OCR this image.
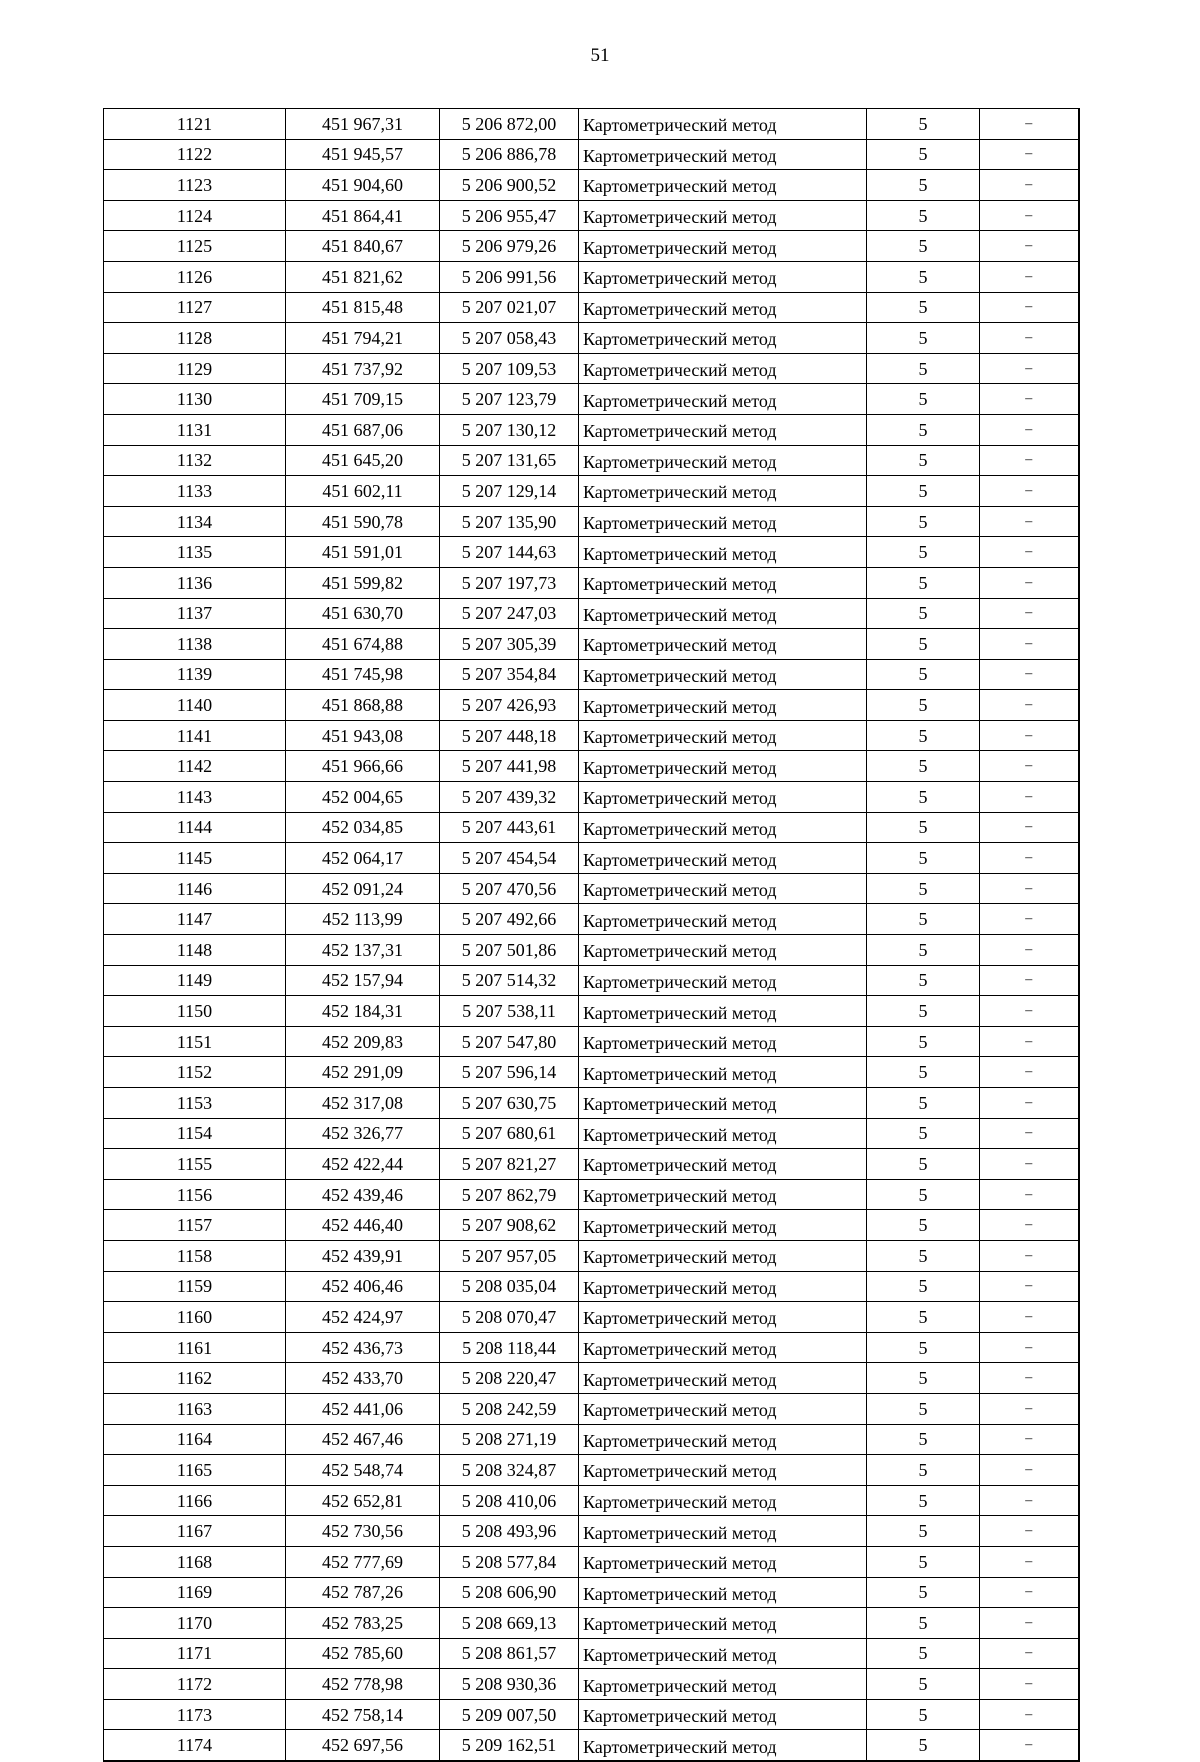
51
1121	451 967,31	5 206 872,00	Картометрический метод	5	–
1122	451 945,57	5 206 886,78	Картометрический метод	5	–
1123	451 904,60	5 206 900,52	Картометрический метод	5	–
1124	451 864,41	5 206 955,47	Картометрический метод	5	–
1125	451 840,67	5 206 979,26	Картометрический метод	5	–
1126	451 821,62	5 206 991,56	Картометрический метод	5	–
1127	451 815,48	5 207 021,07	Картометрический метод	5	–
1128	451 794,21	5 207 058,43	Картометрический метод	5	–
1129	451 737,92	5 207 109,53	Картометрический метод	5	–
1130	451 709,15	5 207 123,79	Картометрический метод	5	–
1131	451 687,06	5 207 130,12	Картометрический метод	5	–
1132	451 645,20	5 207 131,65	Картометрический метод	5	–
1133	451 602,11	5 207 129,14	Картометрический метод	5	–
1134	451 590,78	5 207 135,90	Картометрический метод	5	–
1135	451 591,01	5 207 144,63	Картометрический метод	5	–
1136	451 599,82	5 207 197,73	Картометрический метод	5	–
1137	451 630,70	5 207 247,03	Картометрический метод	5	–
1138	451 674,88	5 207 305,39	Картометрический метод	5	–
1139	451 745,98	5 207 354,84	Картометрический метод	5	–
1140	451 868,88	5 207 426,93	Картометрический метод	5	–
1141	451 943,08	5 207 448,18	Картометрический метод	5	–
1142	451 966,66	5 207 441,98	Картометрический метод	5	–
1143	452 004,65	5 207 439,32	Картометрический метод	5	–
1144	452 034,85	5 207 443,61	Картометрический метод	5	–
1145	452 064,17	5 207 454,54	Картометрический метод	5	–
1146	452 091,24	5 207 470,56	Картометрический метод	5	–
1147	452 113,99	5 207 492,66	Картометрический метод	5	–
1148	452 137,31	5 207 501,86	Картометрический метод	5	–
1149	452 157,94	5 207 514,32	Картометрический метод	5	–
1150	452 184,31	5 207 538,11	Картометрический метод	5	–
1151	452 209,83	5 207 547,80	Картометрический метод	5	–
1152	452 291,09	5 207 596,14	Картометрический метод	5	–
1153	452 317,08	5 207 630,75	Картометрический метод	5	–
1154	452 326,77	5 207 680,61	Картометрический метод	5	–
1155	452 422,44	5 207 821,27	Картометрический метод	5	–
1156	452 439,46	5 207 862,79	Картометрический метод	5	–
1157	452 446,40	5 207 908,62	Картометрический метод	5	–
1158	452 439,91	5 207 957,05	Картометрический метод	5	–
1159	452 406,46	5 208 035,04	Картометрический метод	5	–
1160	452 424,97	5 208 070,47	Картометрический метод	5	–
1161	452 436,73	5 208 118,44	Картометрический метод	5	–
1162	452 433,70	5 208 220,47	Картометрический метод	5	–
1163	452 441,06	5 208 242,59	Картометрический метод	5	–
1164	452 467,46	5 208 271,19	Картометрический метод	5	–
1165	452 548,74	5 208 324,87	Картометрический метод	5	–
1166	452 652,81	5 208 410,06	Картометрический метод	5	–
1167	452 730,56	5 208 493,96	Картометрический метод	5	–
1168	452 777,69	5 208 577,84	Картометрический метод	5	–
1169	452 787,26	5 208 606,90	Картометрический метод	5	–
1170	452 783,25	5 208 669,13	Картометрический метод	5	–
1171	452 785,60	5 208 861,57	Картометрический метод	5	–
1172	452 778,98	5 208 930,36	Картометрический метод	5	–
1173	452 758,14	5 209 007,50	Картометрический метод	5	–
1174	452 697,56	5 209 162,51	Картометрический метод	5	–
